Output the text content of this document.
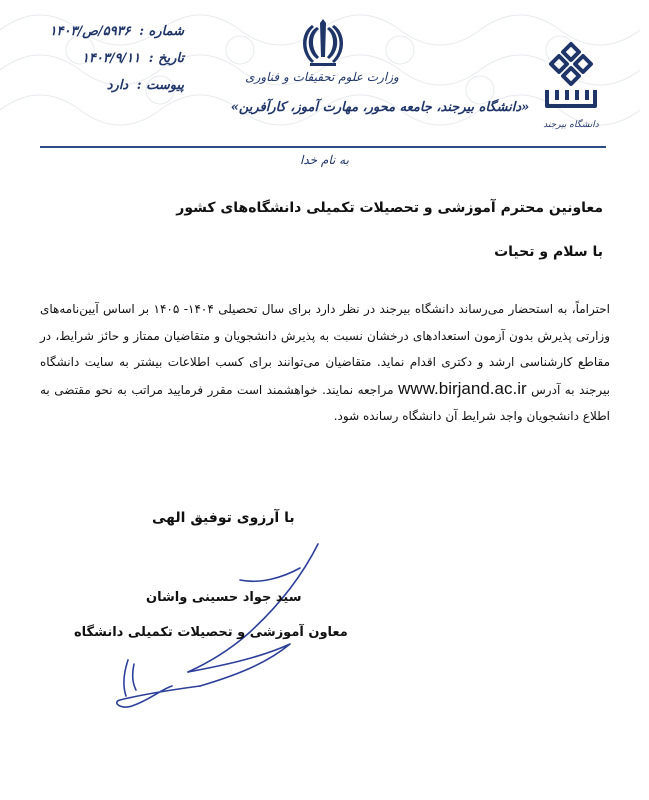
شماره : ۵۹۳۶/ص/۱۴۰۳
تاریخ : ۱۴۰۳/۹/۱۱
پیوست : دارد
وزارت علوم تحقیقات و فناوری
«دانشگاه بیرجند، جامعه محور، مهارت آموز، کارآفرین»
دانشگاه بیرجند
به نام خدا
معاونین محترم آموزشی و تحصیلات تکمیلی دانشگاه‌های کشور
با سلام و تحیات
احتراماً، به استحضار می‌رساند دانشگاه بیرجند در نظر دارد برای سال تحصیلی ۱۴۰۴- ۱۴۰۵ بر اساس آیین‌نامه‌های وزارتی پذیرش بدون آزمون استعدادهای درخشان نسبت به پذیرش دانشجویان و متقاضیان ممتاز و حائز شرایط، در مقاطع کارشناسی ارشد و دکتری اقدام نماید. متقاضیان می‌توانند برای کسب اطلاعات بیشتر به سایت دانشگاه بیرجند به آدرس www.birjand.ac.ir مراجعه نمایند. خواهشمند است مقرر فرمایید مراتب به نحو مقتضی به اطلاع دانشجویان واجد شرایط آن دانشگاه رسانده شود.
با آرزوی توفیق الهی
سید جواد حسینی واشان
معاون آموزشی و تحصیلات تکمیلی دانشگاه
